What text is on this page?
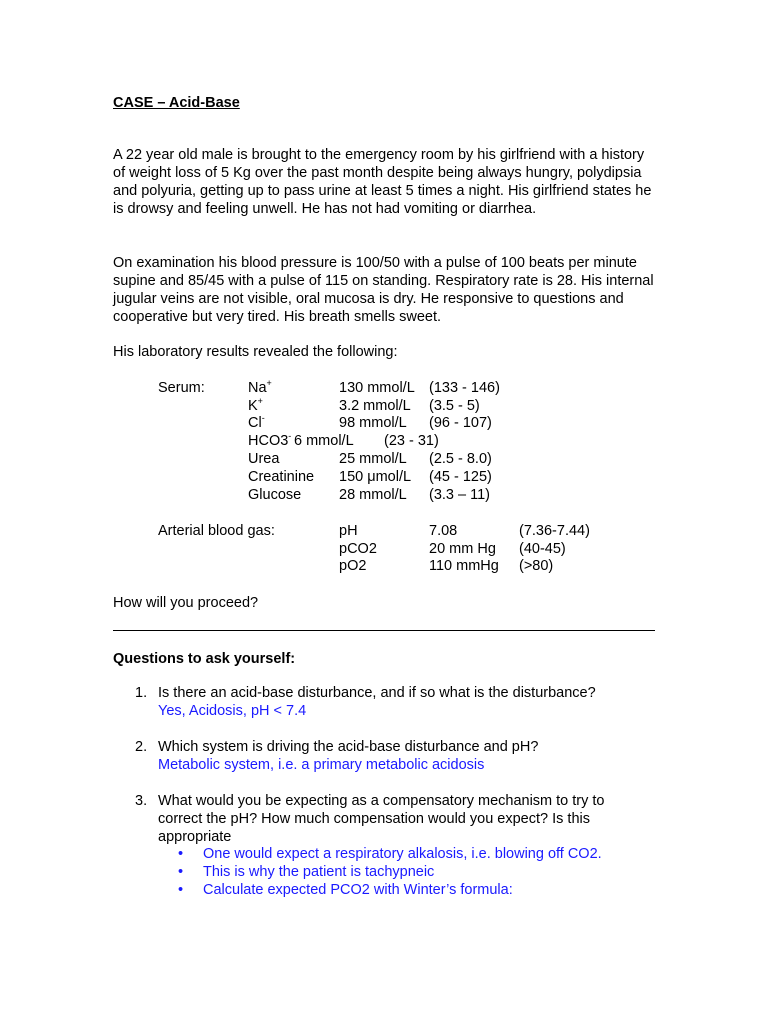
CASE – Acid-Base
A 22 year old male is brought to the emergency room by his girlfriend with a history of weight loss of 5 Kg over the past month despite being always hungry, polydipsia and polyuria, getting up to pass urine at least 5 times a night. His girlfriend states he is drowsy and feeling unwell. He has not had vomiting or diarrhea.
On examination his blood pressure is 100/50 with a pulse of 100 beats per minute supine and 85/45 with a pulse of 115 on standing. Respiratory rate is 28. His internal jugular veins are not visible, oral mucosa is dry. He responsive to questions and cooperative but very tired. His breath smells sweet.
His laboratory results revealed the following:
Serum:	Na+	130 mmol/L (133 - 146)
K+	3.2 mmol/L (3.5 - 5)
Cl-	98 mmol/L (96 - 107)
HCO3- 6 mmol/L (23 - 31)
Urea	25 mmol/L (2.5 - 8.0)
Creatinine 150 μmol/L (45 - 125)
Glucose	28 mmol/L (3.3 – 11)
Arterial blood gas:	pH	7.08	(7.36-7.44)
pCO2	20 mm Hg (40-45)
pO2	110 mmHg (>80)
How will you proceed?
Questions to ask yourself:
1. Is there an acid-base disturbance, and if so what is the disturbance?
Yes, Acidosis, pH < 7.4
2. Which system is driving the acid-base disturbance and pH?
Metabolic system, i.e. a primary metabolic acidosis
3. What would you be expecting as a compensatory mechanism to try to correct the pH? How much compensation would you expect? Is this appropriate
• One would expect a respiratory alkalosis, i.e. blowing off CO2.
• This is why the patient is tachypneic
• Calculate expected PCO2 with Winter’s formula:
